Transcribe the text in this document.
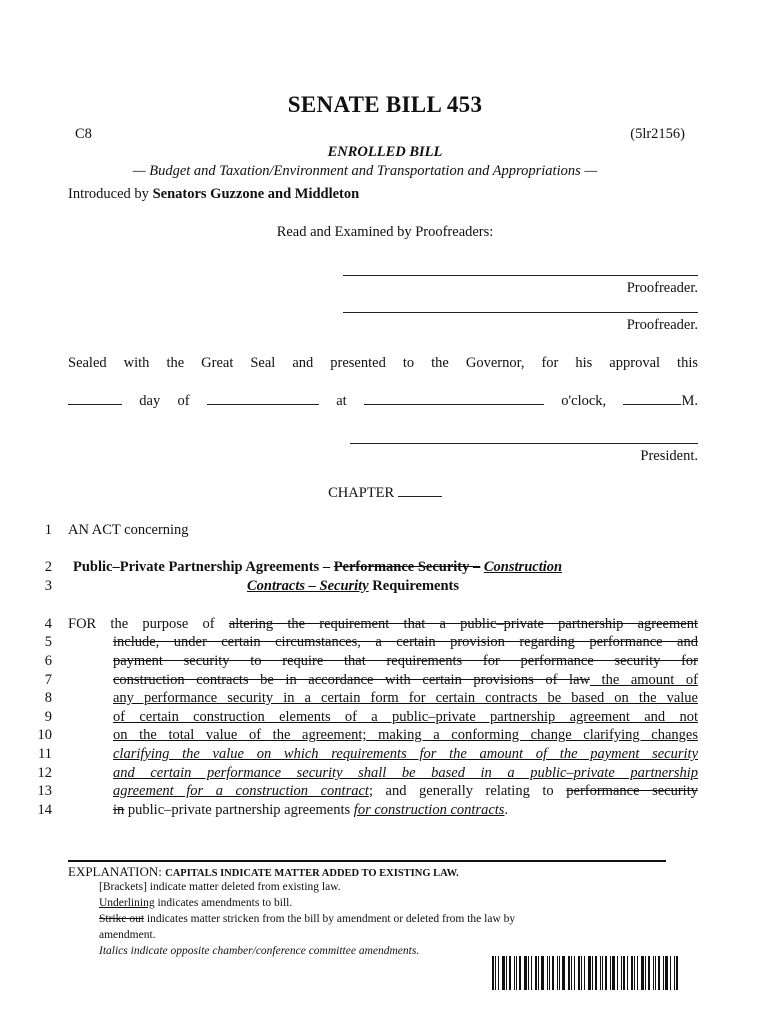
SENATE BILL 453
C8	(5lr2156)
ENROLLED BILL
— Budget and Taxation/Environment and Transportation and Appropriations —
Introduced by Senators Guzzone and Middleton
Read and Examined by Proofreaders:
Proofreader.
Proofreader.
Sealed with the Great Seal and presented to the Governor, for his approval this
day of	at	o'clock,	M.
President.
CHAPTER
1
2
3
4
5
6
7
8
9
10
11
12
13
14
AN ACT concerning
Public–Private Partnership Agreements – Performance Security – Construction
Contracts – Security Requirements
FOR the purpose of altering the requirement that a public–private partnership agreement
include, under certain circumstances, a certain provision regarding performance and
payment security to require that requirements for performance security for
construction contracts be in accordance with certain provisions of law the amount of
any performance security in a certain form for certain contracts be based on the value
of certain construction elements of a public–private partnership agreement and not
on the total value of the agreement; making a conforming change clarifying changes
clarifying the value on which requirements for the amount of the payment security
and certain performance security shall be based in a public–private partnership
agreement for a construction contract; and generally relating to performance security
in public–private partnership agreements for construction contracts.
EXPLANATION: CAPITALS INDICATE MATTER ADDED TO EXISTING LAW.
[Brackets] indicate matter deleted from existing law.
Underlining indicates amendments to bill.
Strike out indicates matter stricken from the bill by amendment or deleted from the law by
amendment.
Italics indicate opposite chamber/conference committee amendments.
